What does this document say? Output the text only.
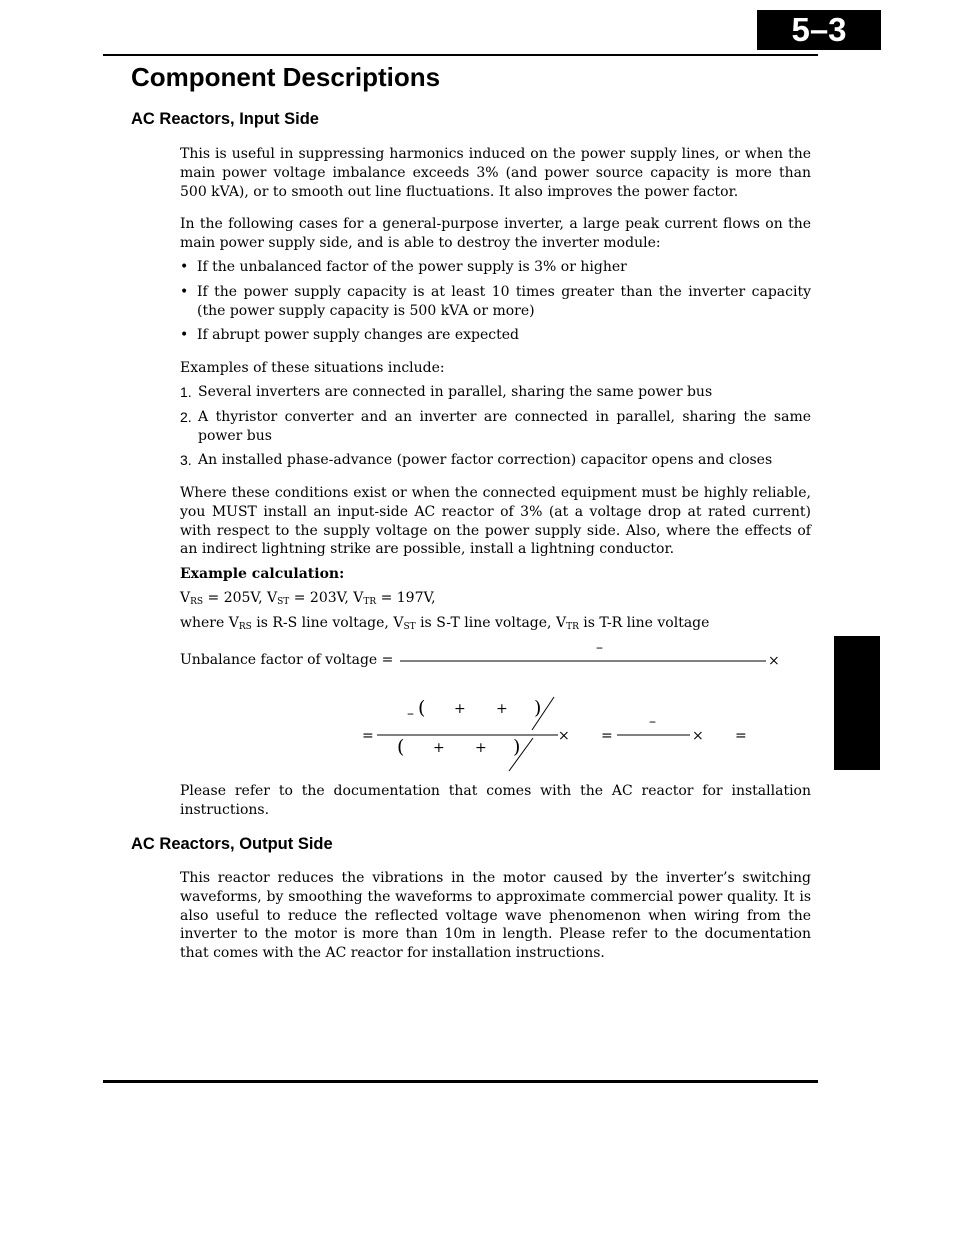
5–3
Component Descriptions
AC Reactors, Input Side

This is useful in suppressing harmonics induced on the power supply lines, or when the main power voltage imbalance exceeds 3% (and power source capacity is more than 500 kVA), or to smooth out line fluctuations. It also improves the power factor.

In the following cases for a general-purpose inverter, a large peak current flows on the main power supply side, and is able to destroy the inverter module:

• If the unbalanced factor of the power supply is 3% or higher
• If the power supply capacity is at least 10 times greater than the inverter capacity (the power supply capacity is 500 kVA or more)
• If abrupt power supply changes are expected

Examples of these situations include:

1. Several inverters are connected in parallel, sharing the same power bus
2. A thyristor converter and an inverter are connected in parallel, sharing the same power bus
3. An installed phase-advance (power factor correction) capacitor opens and closes

Where these conditions exist or when the connected equipment must be highly reliable, you MUST install an input-side AC reactor of 3% (at a voltage drop at rated current) with respect to the supply voltage on the power supply side. Also, where the effects of an indirect lightning strike are possible, install a lightning conductor.

Example calculation:
$V_{RS} = 205V$, $V_{ST} = 203V$, $V_{TR} = 197V$,
where $V_{RS}$ is R-S line voltage, $V_{ST}$ is S-T line voltage, $V_{TR}$ is T-R line voltage
Unbalance factor of voltage =
–
×
=
– ( + + )
( + + )	× =
–
× =

Please refer to the documentation that comes with the AC reactor for installation instructions.

AC Reactors, Output Side

This reactor reduces the vibrations in the motor caused by the inverter’s switching waveforms, by smoothing the waveforms to approximate commercial power quality. It is also useful to reduce the reflected voltage wave phenomenon when wiring from the inverter to the motor is more than 10m in length. Please refer to the documentation that comes with the AC reactor for installation instructions.
